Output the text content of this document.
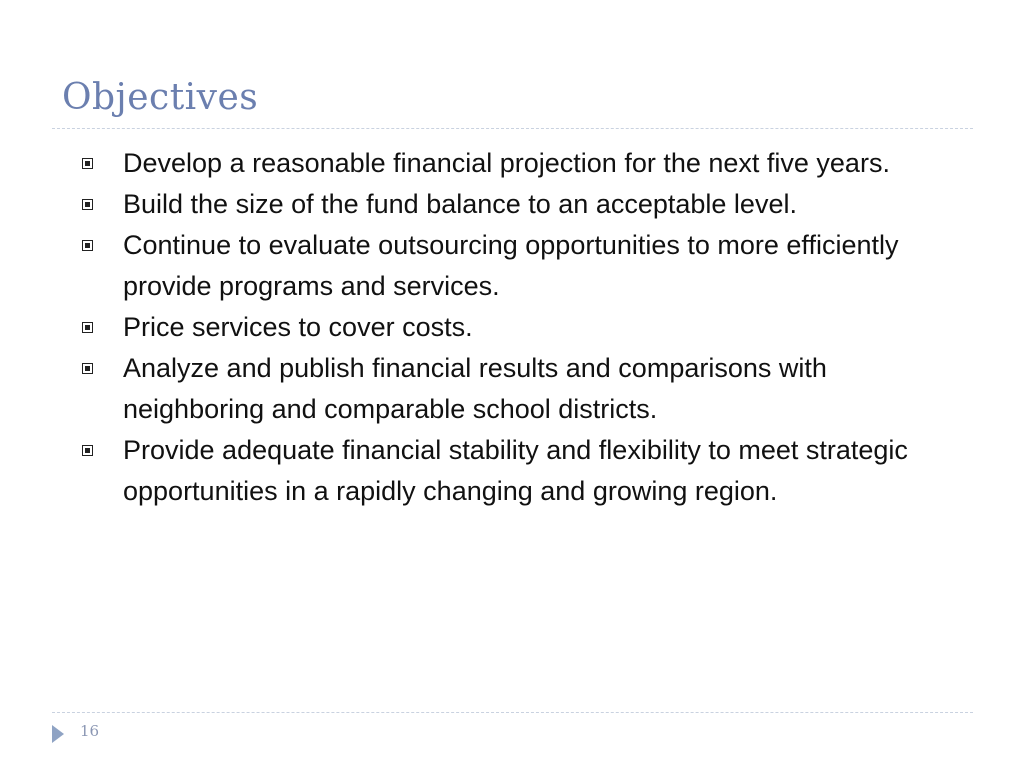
Objectives
Develop a reasonable financial projection for the next five years.
Build the size of the fund balance to an acceptable level.
Continue to evaluate outsourcing opportunities to more efficiently provide programs and services.
Price services to cover costs.
Analyze and publish financial results and comparisons with neighboring and comparable school districts.
Provide adequate financial stability and flexibility to meet strategic opportunities in a rapidly changing and growing region.
16
